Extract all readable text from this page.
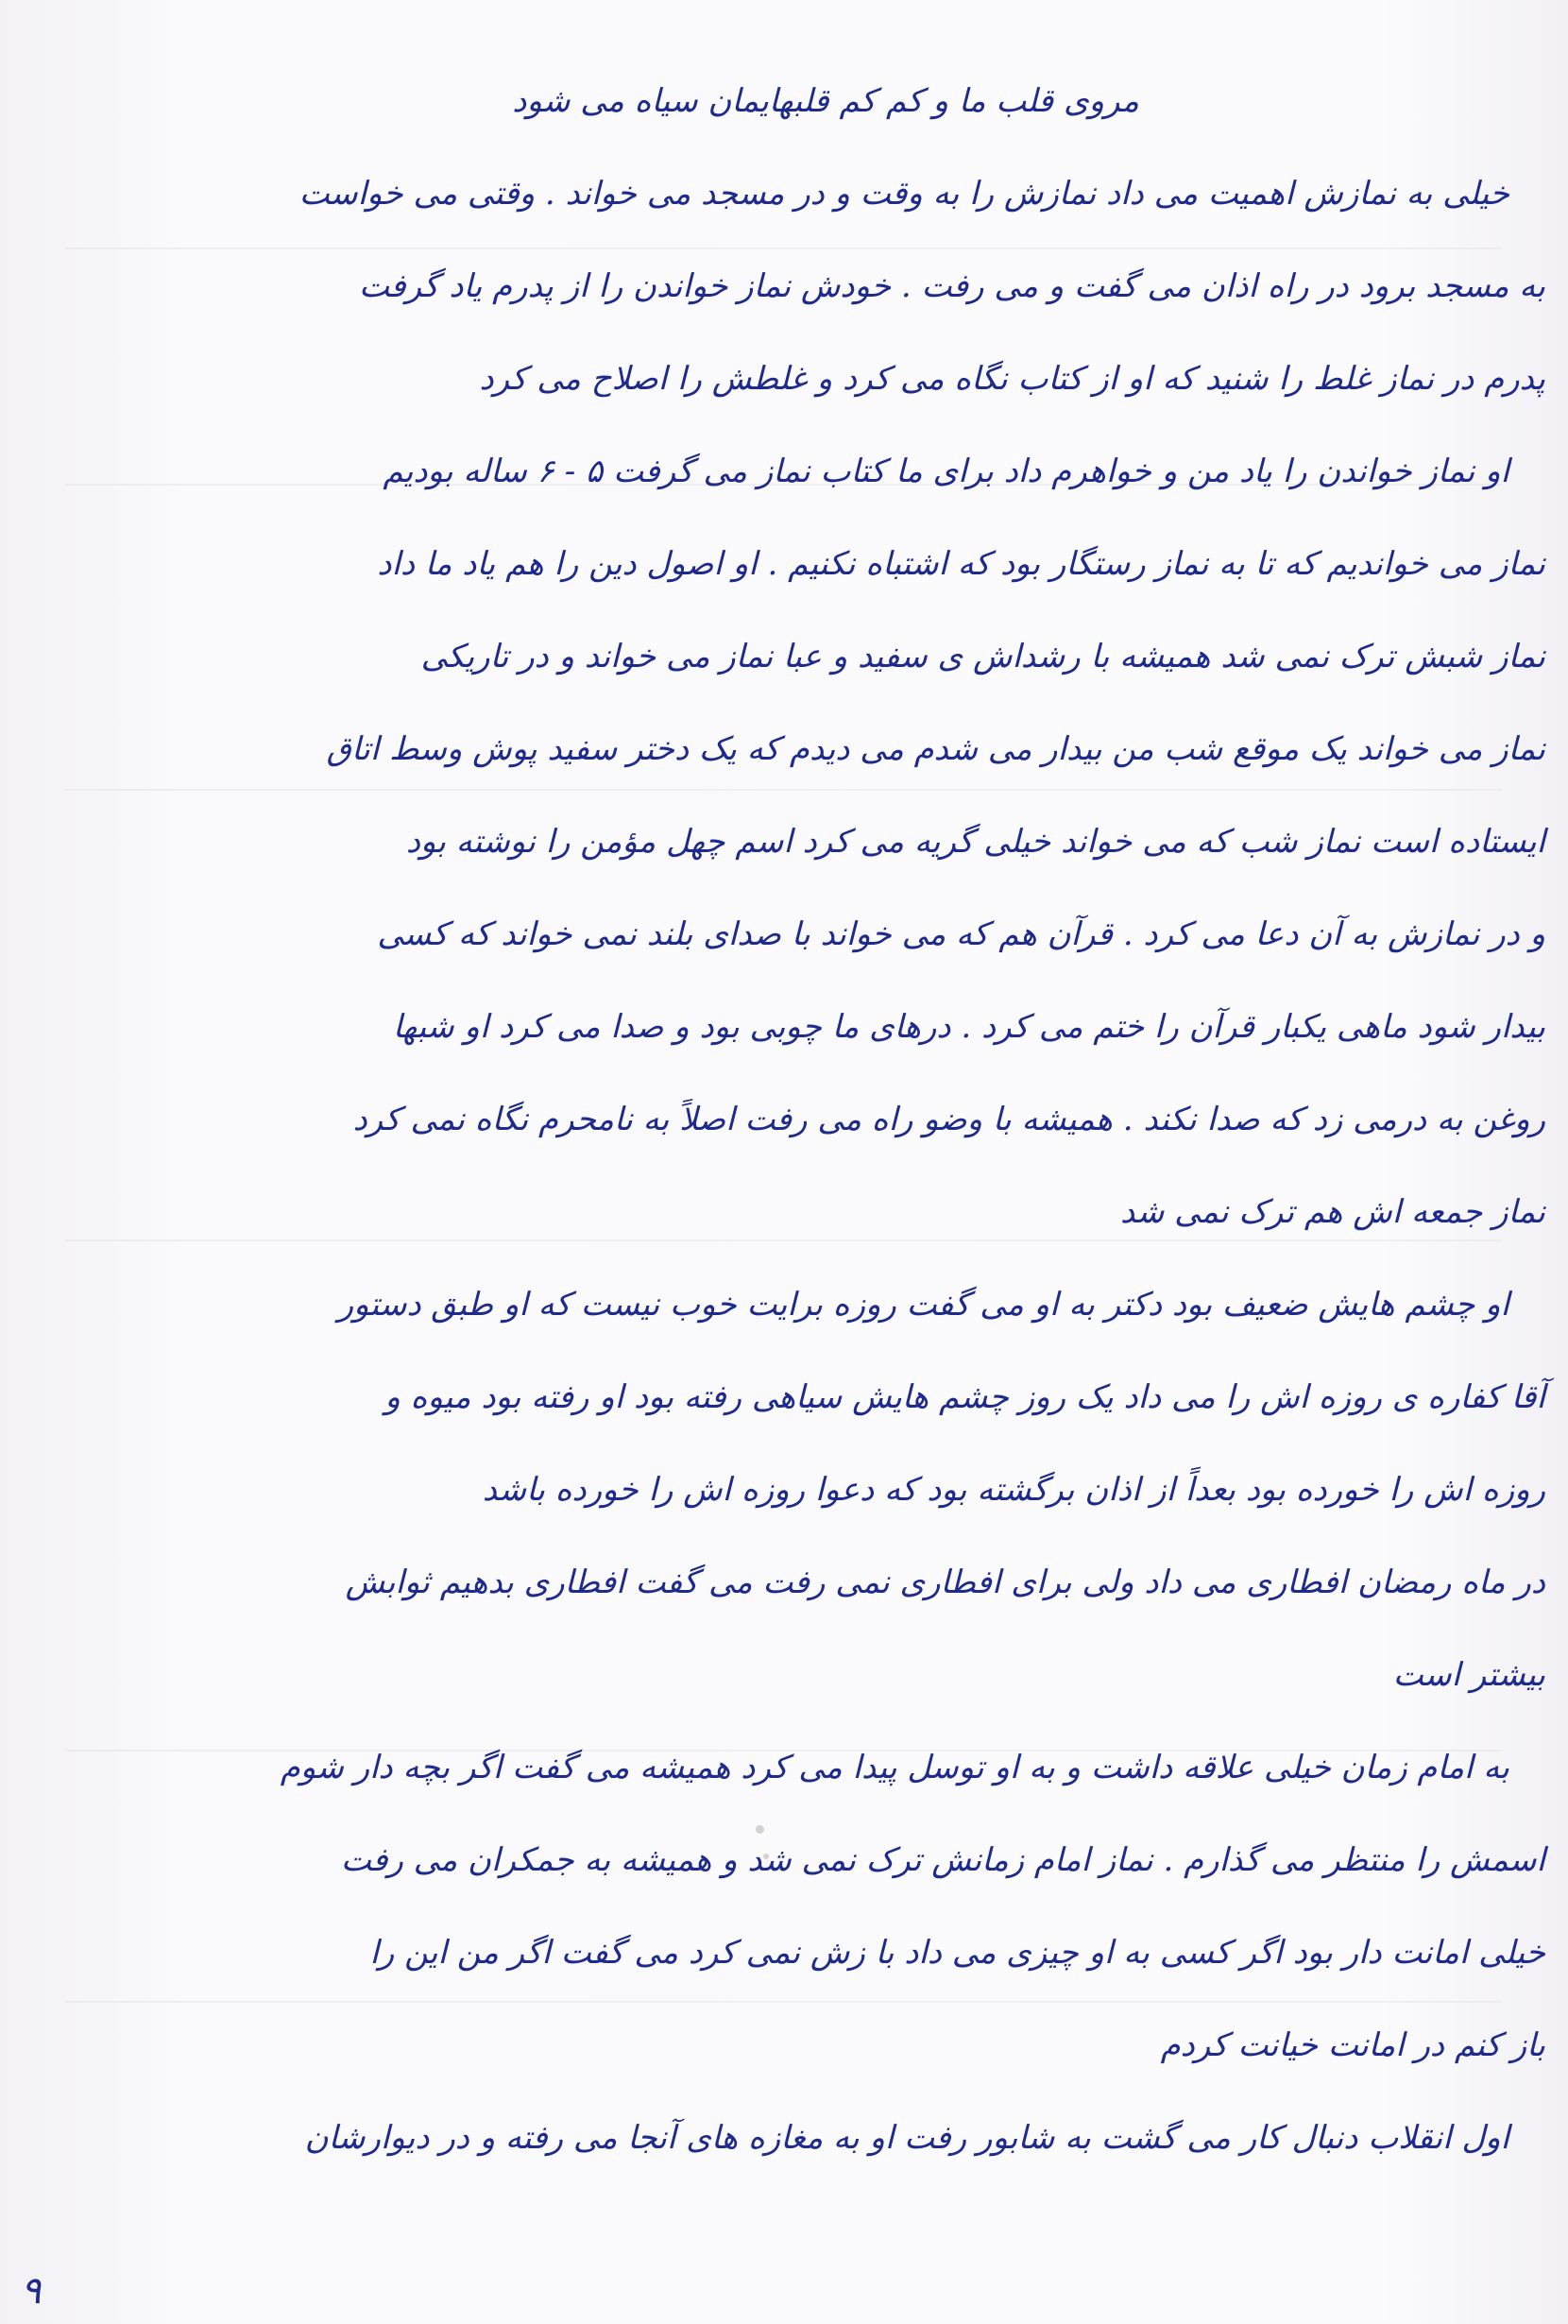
مروی قلب ما و کم کم قلبهایمان سیاه می شود

خیلی به نمازش اهمیت می داد نمازش را به وقت و در مسجد می خواند . وقتی می خواست

به مسجد برود در راه اذان می گفت و می رفت . خودش نماز خواندن را از پدرم یاد گرفت

پدرم در نماز غلط را شنید که او از کتاب نگاه می کرد و غلطش را اصلاح می کرد

او نماز خواندن را یاد من و خواهرم داد برای ما کتاب نماز می گرفت ۵ - ۶ ساله بودیم

نماز می خواندیم که تا به نماز رستگار بود که اشتباه نکنیم . او اصول دین را هم یاد ما داد

نماز شبش ترک نمی شد همیشه با رشداش ی سفید و عبا نماز می خواند و در تاریکی

نماز می خواند یک موقع شب من بیدار می شدم می دیدم که یک دختر سفید پوش وسط اتاق

ایستاده است نماز شب که می خواند خیلی گریه می کرد اسم چهل مؤمن را نوشته بود

و در نمازش به آن دعا می کرد . قرآن هم که می خواند با صدای بلند نمی خواند که کسی

بیدار شود ماهی یکبار قرآن را ختم می کرد . درهای ما چوبی بود و صدا می کرد او شبها

روغن به درمی زد که صدا نکند . همیشه با وضو راه می رفت اصلاً به نامحرم نگاه نمی کرد

نماز جمعه اش هم ترک نمی شد

او چشم هایش ضعیف بود دکتر به او می گفت روزه برایت خوب نیست که او طبق دستور

آقا کفاره ی روزه اش را می داد یک روز چشم هایش سیاهی رفته بود او رفته بود میوه و

روزه اش را خورده بود بعداً از اذان برگشته بود که دعوا روزه اش را خورده باشد

در ماه رمضان افطاری می داد ولی برای افطاری نمی رفت می گفت افطاری بدهیم ثوابش

بیشتر است

به امام زمان خیلی علاقه داشت و به او توسل پیدا می کرد همیشه می گفت اگر بچه دار شوم

اسمش را منتظر می گذارم . نماز امام زمانش ترک نمی شد و همیشه به جمکران می رفت

خیلی امانت دار بود اگر کسی به او چیزی می داد با زش نمی کرد می گفت اگر من این را

باز کنم در امانت خیانت کردم

اول انقلاب دنبال کار می گشت به شابور رفت او به مغازه های آنجا می رفته و در دیوارشان

۹
